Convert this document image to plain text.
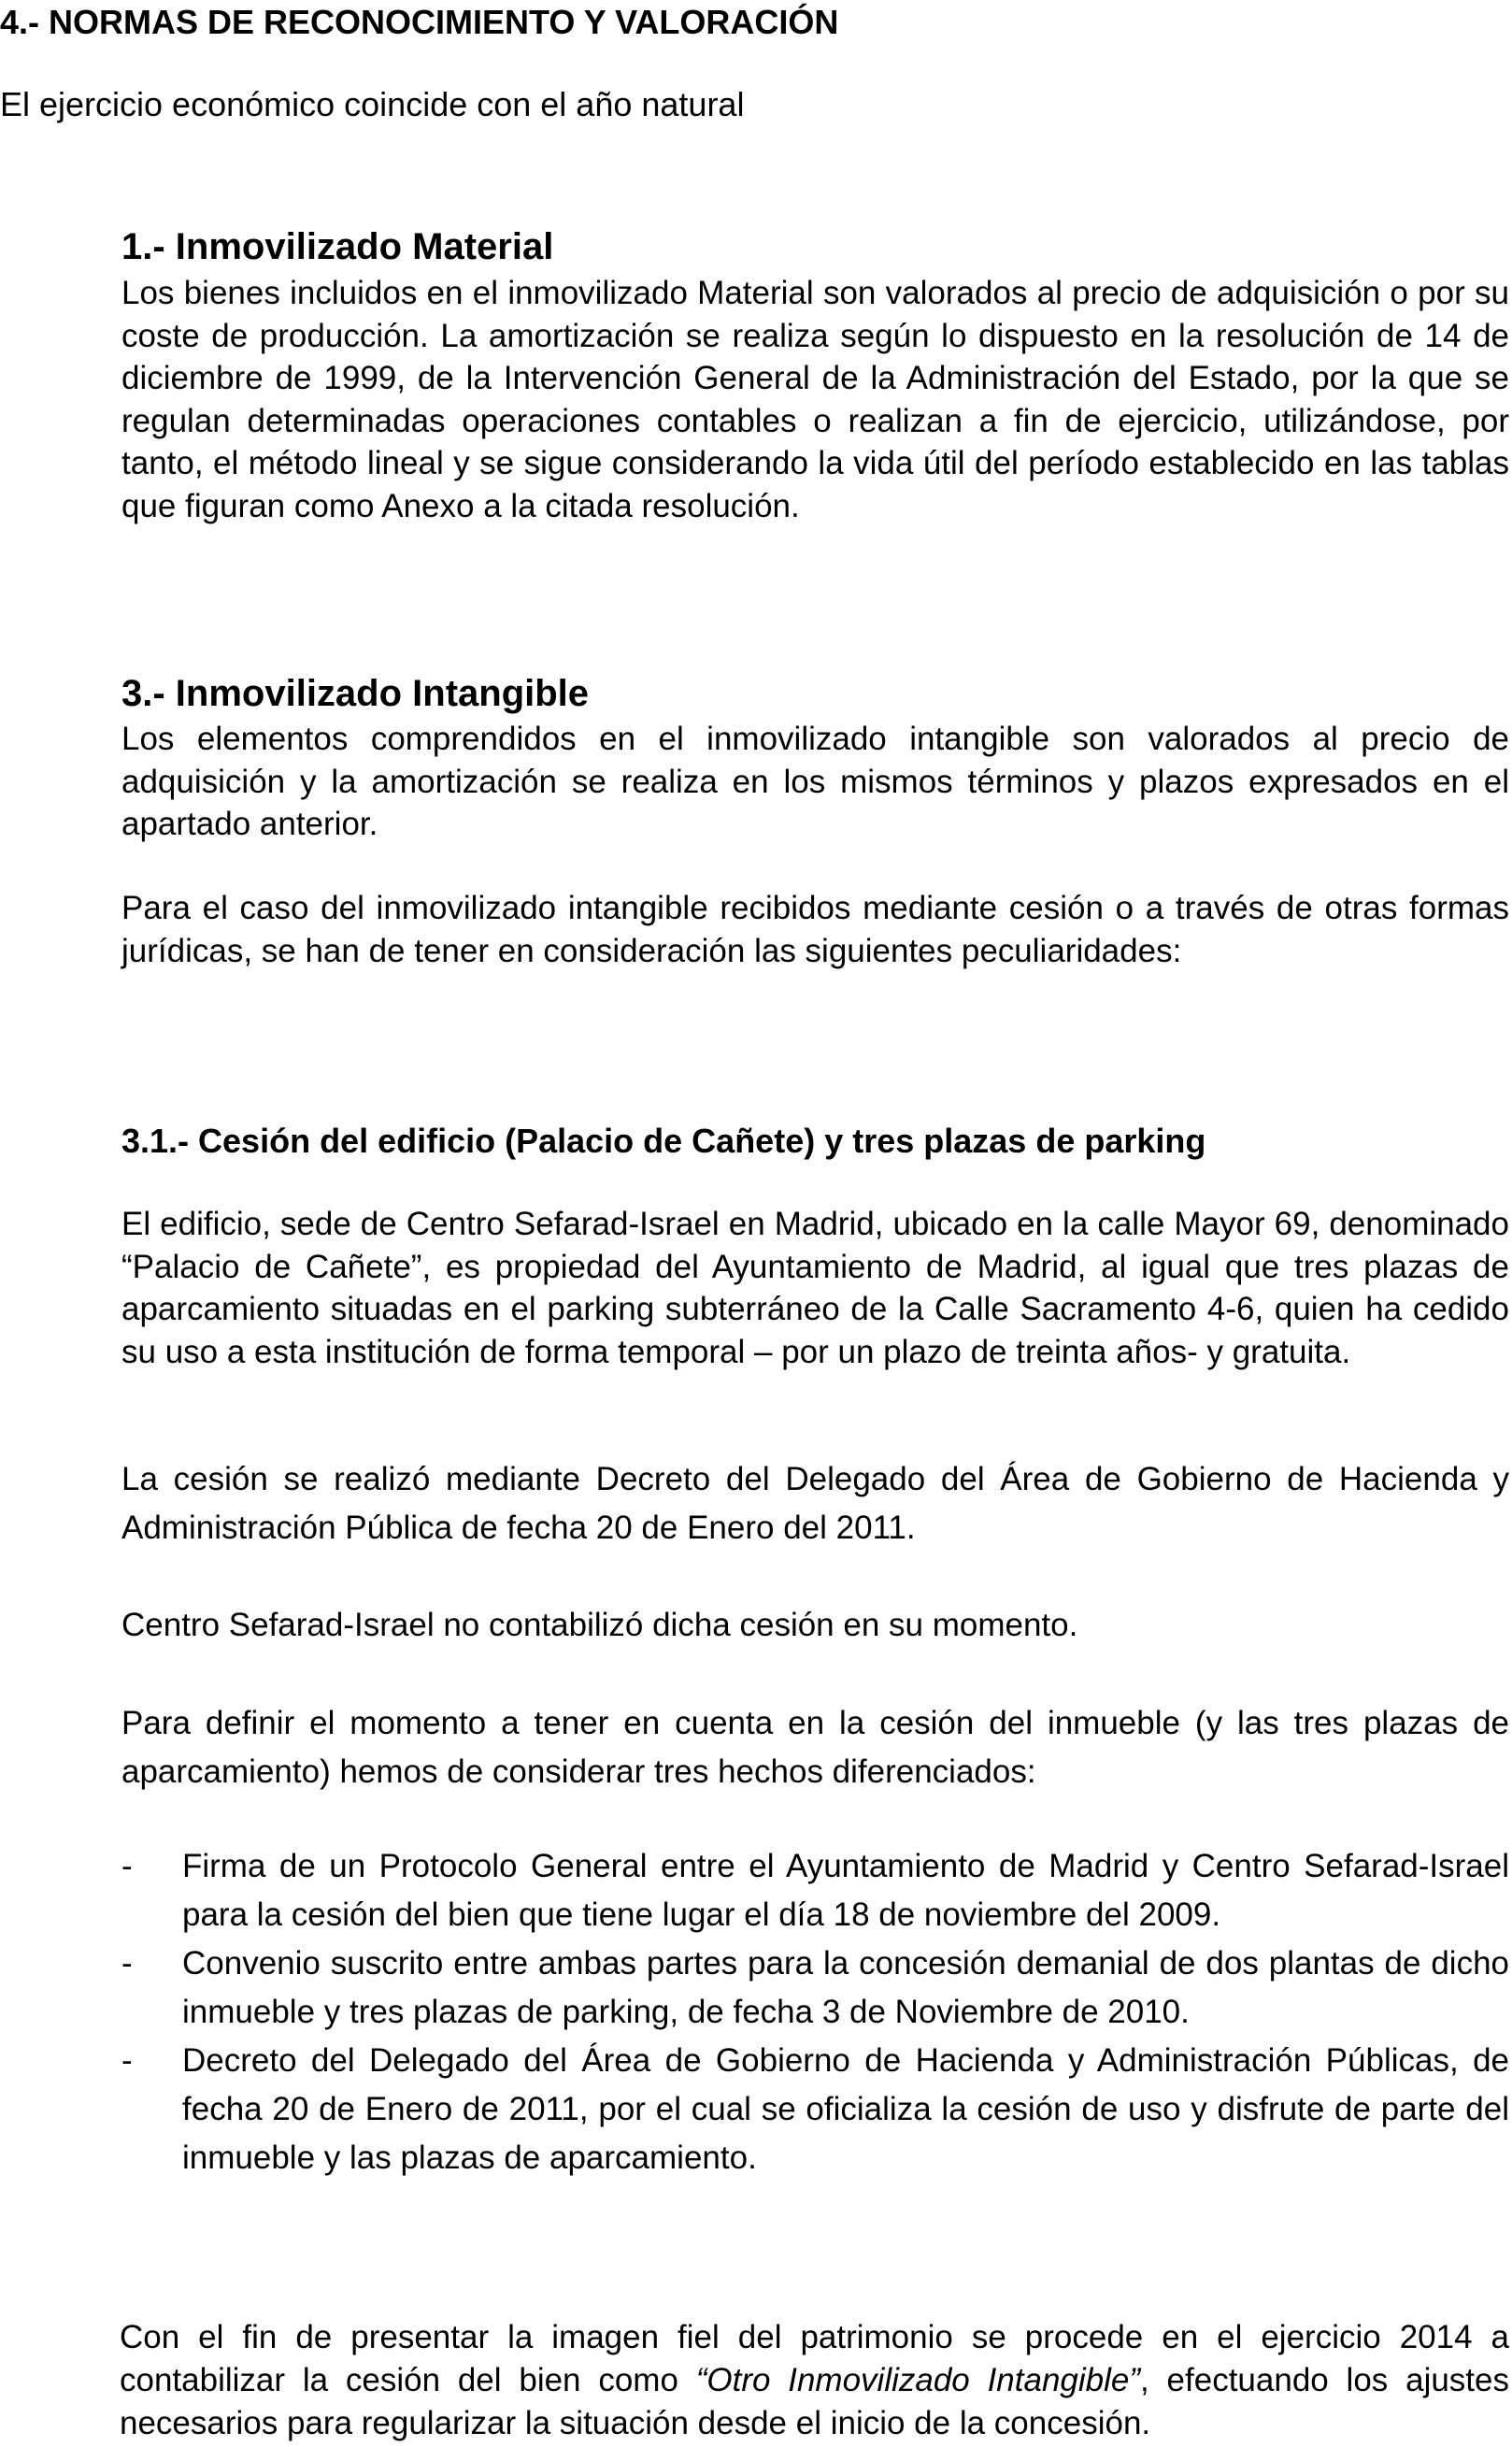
4.- NORMAS DE RECONOCIMIENTO Y VALORACIÓN

El ejercicio económico coincide con el año natural

1.- Inmovilizado Material

Los bienes incluidos en el inmovilizado Material son valorados al precio de adquisición o por su coste de producción. La amortización se realiza según lo dispuesto en la resolución de 14 de diciembre de 1999, de la Intervención General de la Administración del Estado, por la que se regulan determinadas operaciones contables o realizan a fin de ejercicio, utilizándose, por tanto, el método lineal y se sigue considerando la vida útil del período establecido en las tablas que figuran como Anexo a la citada resolución.

3.- Inmovilizado Intangible

Los elementos comprendidos en el inmovilizado intangible son valorados al precio de adquisición y la amortización se realiza en los mismos términos y plazos expresados en el apartado anterior.

Para el caso del inmovilizado intangible recibidos mediante cesión o a través de otras formas jurídicas, se han de tener en consideración las siguientes peculiaridades:

3.1.- Cesión del edificio (Palacio de Cañete) y tres plazas de parking

El edificio, sede de Centro Sefarad-Israel en Madrid, ubicado en la calle Mayor 69, denominado “Palacio de Cañete”, es propiedad del Ayuntamiento de Madrid, al igual que tres plazas de aparcamiento situadas en el parking subterráneo de la Calle Sacramento 4-6, quien ha cedido su uso a esta institución de forma temporal – por un plazo de treinta años- y gratuita.

La cesión se realizó mediante Decreto del Delegado del Área de Gobierno de Hacienda y Administración Pública de fecha 20 de Enero del 2011.

Centro Sefarad-Israel no contabilizó dicha cesión en su momento.

Para definir el momento a tener en cuenta en la cesión del inmueble (y las tres plazas de aparcamiento) hemos de considerar tres hechos diferenciados:

- Firma de un Protocolo General entre el Ayuntamiento de Madrid y Centro Sefarad-Israel para la cesión del bien que tiene lugar el día 18 de noviembre del 2009.
- Convenio suscrito entre ambas partes para la concesión demanial de dos plantas de dicho inmueble y tres plazas de parking, de fecha 3 de Noviembre de 2010.
- Decreto del Delegado del Área de Gobierno de Hacienda y Administración Públicas, de fecha 20 de Enero de 2011, por el cual se oficializa la cesión de uso y disfrute de parte del inmueble y las plazas de aparcamiento.

Con el fin de presentar la imagen fiel del patrimonio se procede en el ejercicio 2014 a contabilizar la cesión del bien como “Otro Inmovilizado Intangible”, efectuando los ajustes necesarios para regularizar la situación desde el inicio de la concesión.
